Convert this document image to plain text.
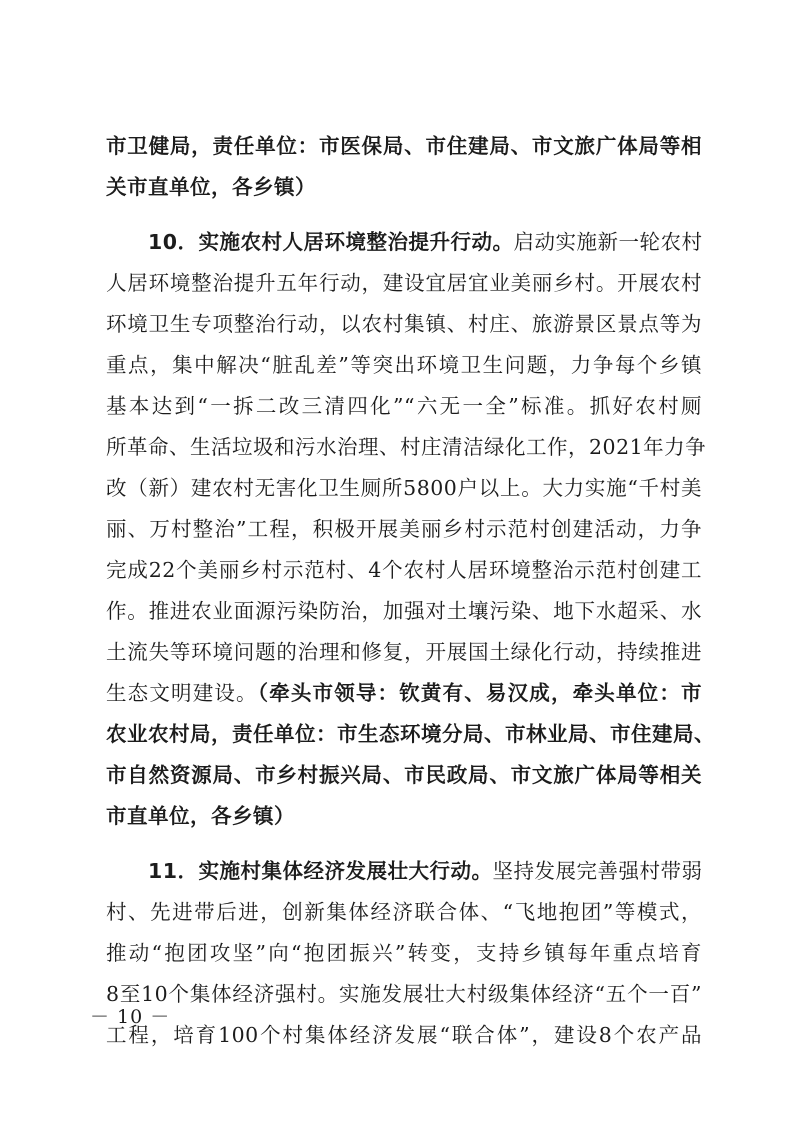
市卫健局，责任单位：市医保局、市住建局、市文旅广体局等相
关市直单位，各乡镇）
10．实施农村人居环境整治提升行动。启动实施新一轮农村
人居环境整治提升五年行动，建设宜居宜业美丽乡村。开展农村
环境卫生专项整治行动，以农村集镇、村庄、旅游景区景点等为
重点，集中解决“脏乱差”等突出环境卫生问题，力争每个乡镇
基本达到“一拆二改三清四化”“六无一全”标准。抓好农村厕
所革命、生活垃圾和污水治理、村庄清洁绿化工作，2021年力争
改（新）建农村无害化卫生厕所5800户以上。大力实施“千村美
丽、万村整治”工程，积极开展美丽乡村示范村创建活动，力争
完成22个美丽乡村示范村、4个农村人居环境整治示范村创建工
作。推进农业面源污染防治，加强对土壤污染、地下水超采、水
土流失等环境问题的治理和修复，开展国土绿化行动，持续推进
生态文明建设。（牵头市领导：钦黄有、易汉成，牵头单位：市
农业农村局，责任单位：市生态环境分局、市林业局、市住建局、
市自然资源局、市乡村振兴局、市民政局、市文旅广体局等相关
市直单位，各乡镇）
11．实施村集体经济发展壮大行动。坚持发展完善强村带弱
村、先进带后进，创新集体经济联合体、“飞地抱团”等模式，
推动“抱团攻坚”向“抱团振兴”转变，支持乡镇每年重点培育
8至10个集体经济强村。实施发展壮大村级集体经济“五个一百”
工程，培育100个村集体经济发展“联合体”，建设8个农产品
－ 10 －
